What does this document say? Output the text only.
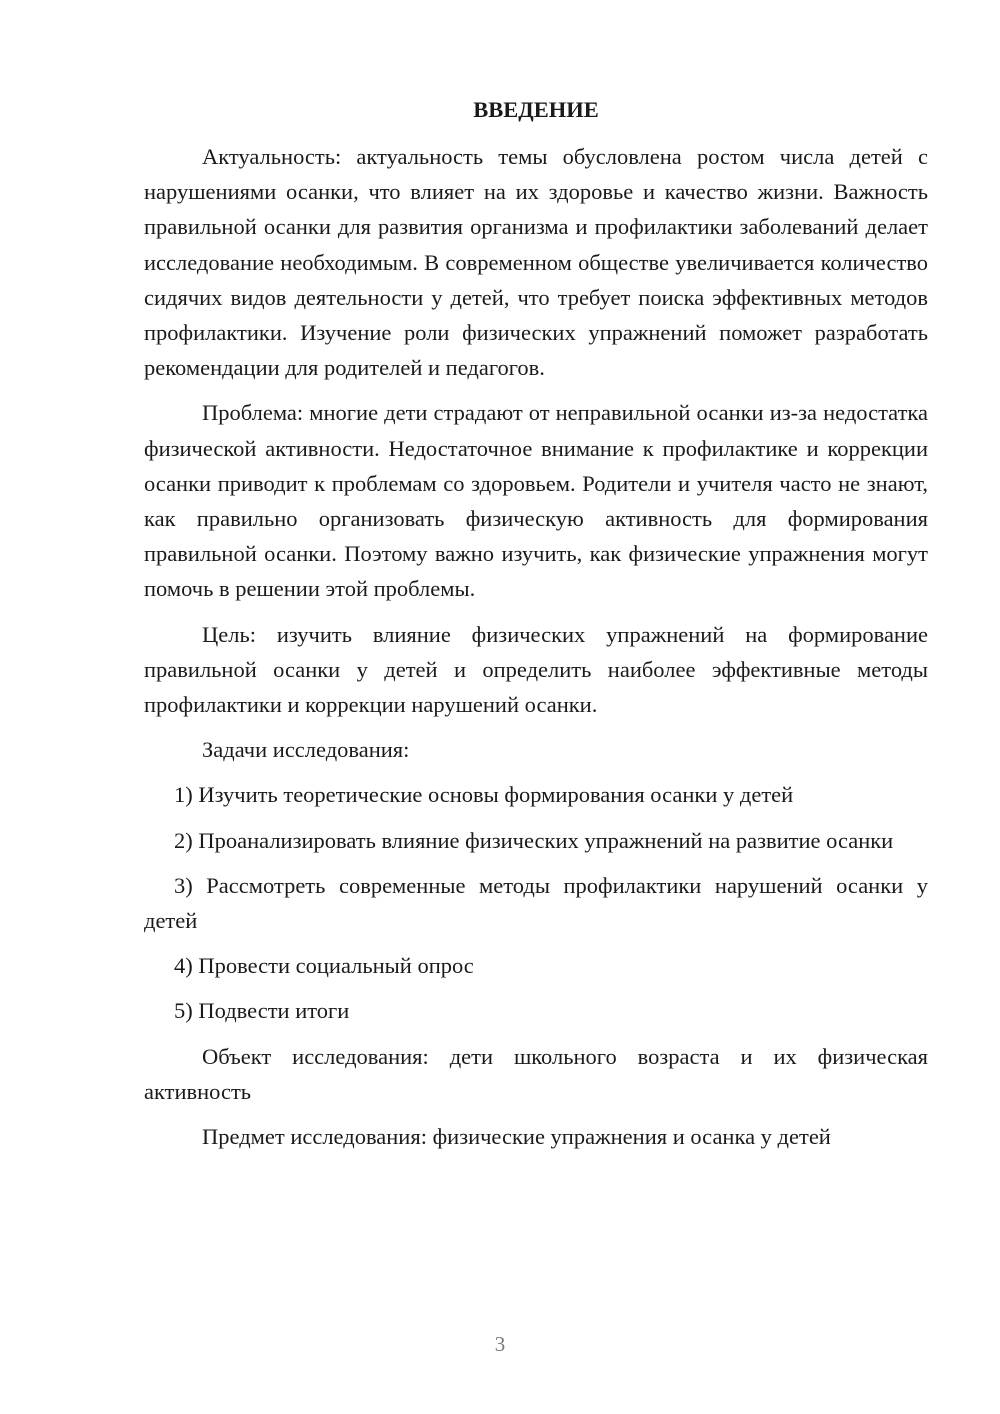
ВВЕДЕНИЕ

Актуальность: актуальность темы обусловлена ростом числа детей с нарушениями осанки, что влияет на их здоровье и качество жизни. Важность правильной осанки для развития организма и профилактики заболеваний делает исследование необходимым. В современном обществе увеличивается количество сидячих видов деятельности у детей, что требует поиска эффективных методов профилактики. Изучение роли физических упражнений поможет разработать рекомендации для родителей и педагогов.

Проблема: многие дети страдают от неправильной осанки из-за недостатка физической активности. Недостаточное внимание к профилактике и коррекции осанки приводит к проблемам со здоровьем. Родители и учителя часто не знают, как правильно организовать физическую активность для формирования правильной осанки. Поэтому важно изучить, как физические упражнения могут помочь в решении этой проблемы.

Цель: изучить влияние физических упражнений на формирование правильной осанки у детей и определить наиболее эффективные методы профилактики и коррекции нарушений осанки.

Задачи исследования:

1) Изучить теоретические основы формирования осанки у детей

2) Проанализировать влияние физических упражнений на развитие осанки

3) Рассмотреть современные методы профилактики нарушений осанки у детей

4) Провести социальный опрос

5) Подвести итоги

Объект исследования: дети школьного возраста и их физическая активность

Предмет исследования: физические упражнения и осанка у детей

3
